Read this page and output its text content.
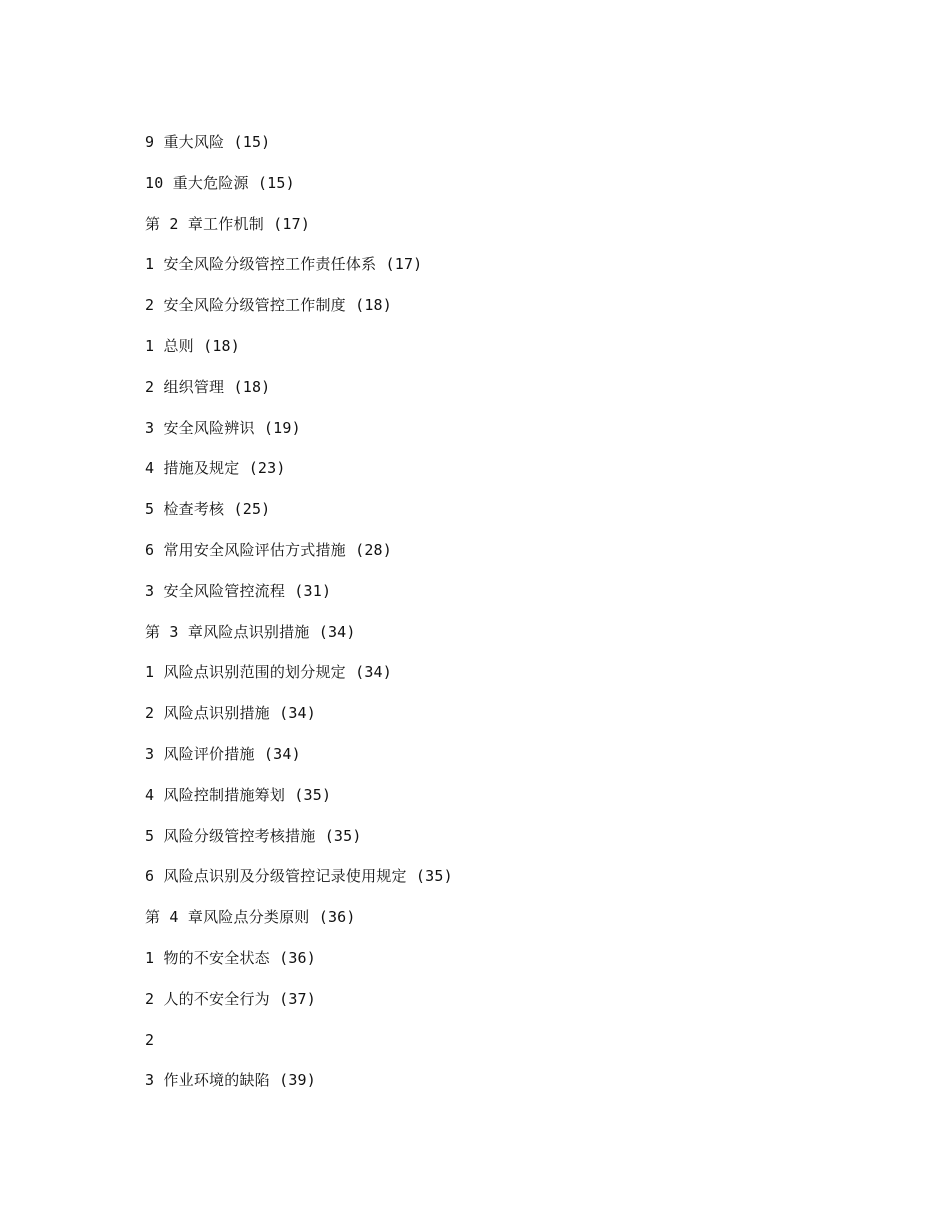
9 重大风险 (15)
10 重大危险源 (15)
第 2 章工作机制 (17)
1 安全风险分级管控工作责任体系 (17)
2 安全风险分级管控工作制度 (18)
1 总则 (18)
2 组织管理 (18)
3 安全风险辨识 (19)
4 措施及规定 (23)
5 检查考核 (25)
6 常用安全风险评估方式措施 (28)
3 安全风险管控流程 (31)
第 3 章风险点识别措施 (34)
1 风险点识别范围的划分规定 (34)
2 风险点识别措施 (34)
3 风险评价措施 (34)
4 风险控制措施筹划 (35)
5 风险分级管控考核措施 (35)
6 风险点识别及分级管控记录使用规定 (35)
第 4 章风险点分类原则 (36)
1 物的不安全状态 (36)
2 人的不安全行为 (37)
2
3 作业环境的缺陷 (39)
